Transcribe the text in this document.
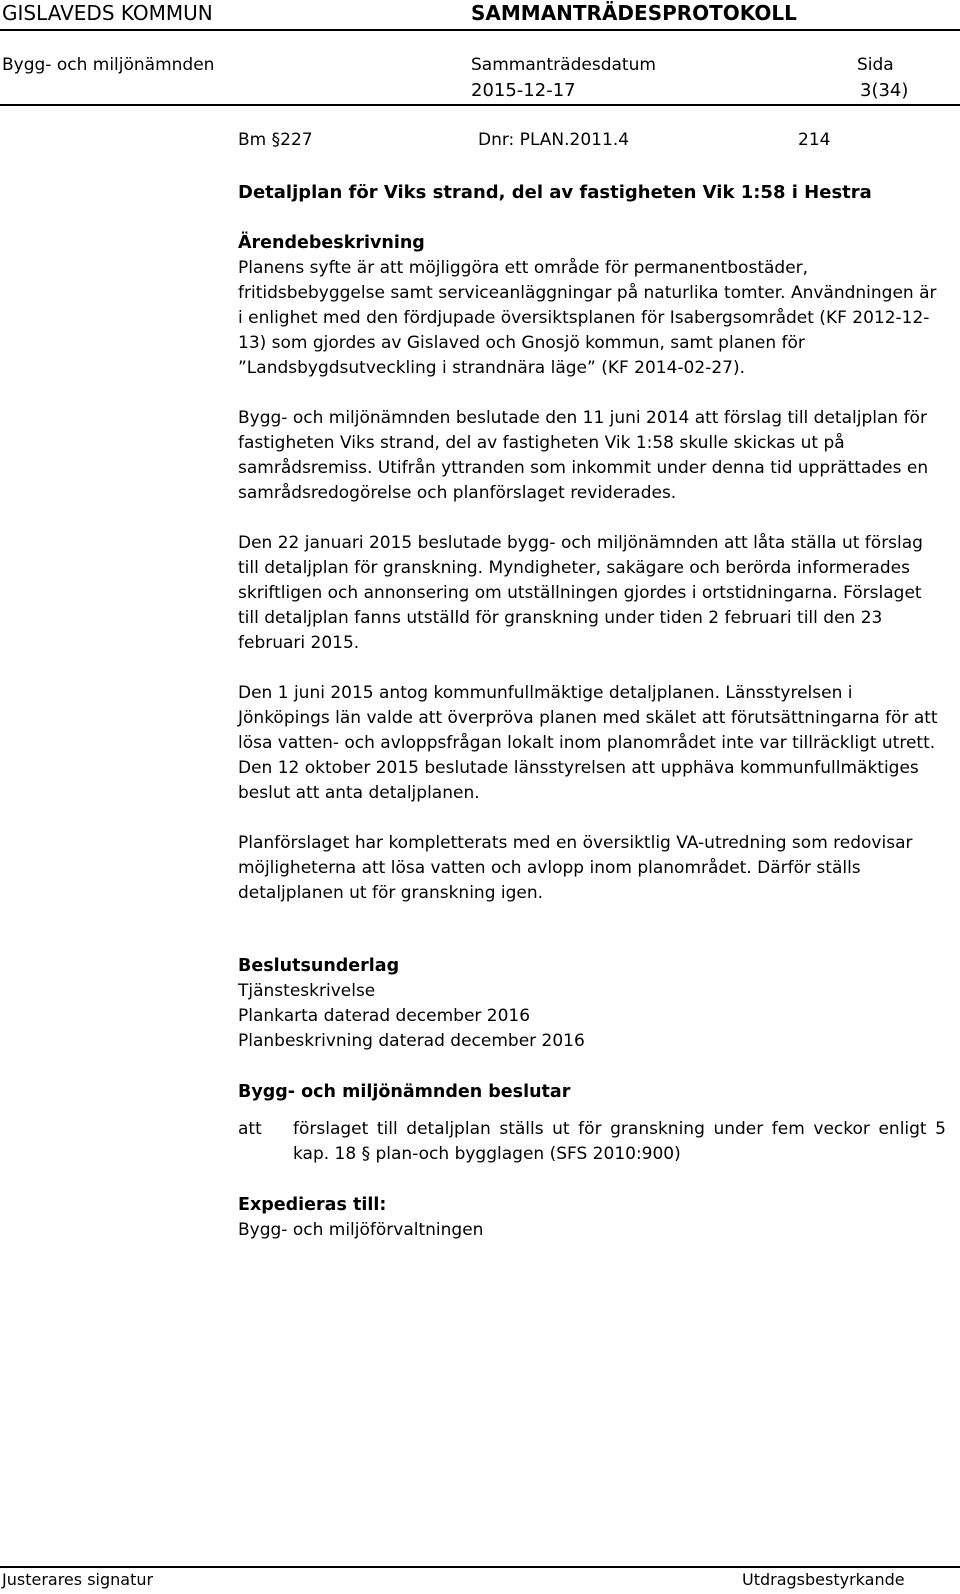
GISLAVEDS KOMMUN	SAMMANTRÄDESPROTOKOLL
Bygg- och miljönämnden	Sammanträdesdatum	Sida
2015-12-17	3(34)
Bm §227	Dnr: PLAN.2011.4	214
Detaljplan för Viks strand, del av fastigheten Vik 1:58 i Hestra
Ärendebeskrivning

Planens syfte är att möjliggöra ett område för permanentbostäder, fritidsbebyggelse samt serviceanläggningar på naturlika tomter. Användningen är i enlighet med den fördjupade översiktsplanen för Isabergsområdet (KF 2012-12-13) som gjordes av Gislaved och Gnosjö kommun, samt planen för ”Landsbygdsutveckling i strandnära läge” (KF 2014-02-27).

Bygg- och miljönämnden beslutade den 11 juni 2014 att förslag till detaljplan för fastigheten Viks strand, del av fastigheten Vik 1:58 skulle skickas ut på samrådsremiss. Utifrån yttranden som inkommit under denna tid upprättades en samrådsredogörelse och planförslaget reviderades.

Den 22 januari 2015 beslutade bygg- och miljönämnden att låta ställa ut förslag till detaljplan för granskning. Myndigheter, sakägare och berörda informerades skriftligen och annonsering om utställningen gjordes i ortstidningarna. Förslaget till detaljplan fanns utställd för granskning under tiden 2 februari till den 23 februari 2015.

Den 1 juni 2015 antog kommunfullmäktige detaljplanen. Länsstyrelsen i Jönköpings län valde att överpröva planen med skälet att förutsättningarna för att lösa vatten- och avloppsfrågan lokalt inom planområdet inte var tillräckligt utrett. Den 12 oktober 2015 beslutade länsstyrelsen att upphäva kommunfullmäktiges beslut att anta detaljplanen.

Planförslaget har kompletterats med en översiktlig VA-utredning som redovisar möjligheterna att lösa vatten och avlopp inom planområdet. Därför ställs detaljplanen ut för granskning igen.

Beslutsunderlag

Tjänsteskrivelse

Plankarta daterad december 2016

Planbeskrivning daterad december 2016

Bygg- och miljönämnden beslutar
att	förslaget till detaljplan ställs ut för granskning under fem veckor enligt 5 kap. 18 § plan-och bygglagen (SFS 2010:900)
Expedieras till:

Bygg- och miljöförvaltningen

Justerares signatur	Utdragsbestyrkande
